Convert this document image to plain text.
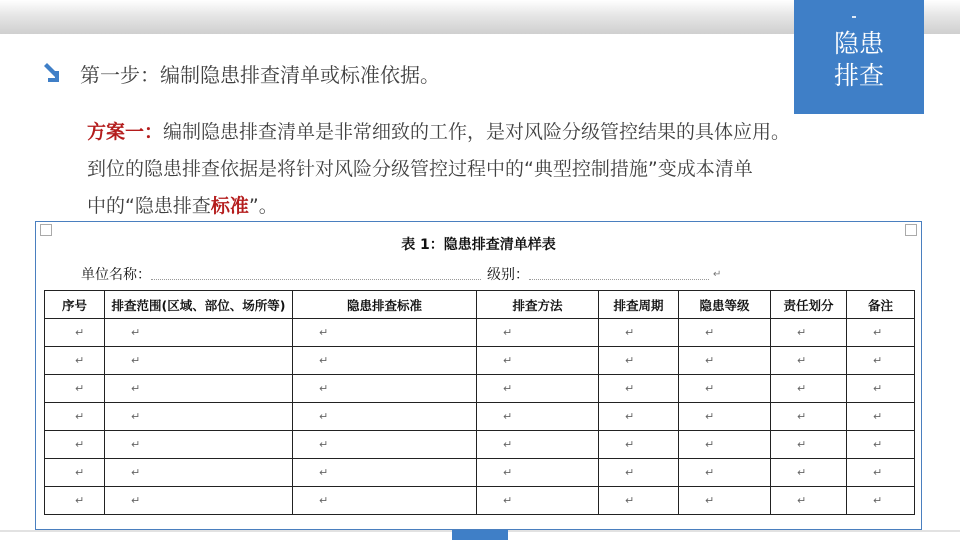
隐患
排查
第一步：编制隐患排查清单或标准依据。
方案一：编制隐患排查清单是非常细致的工作，是对风险分级管控结果的具体应用。
到位的隐患排查依据是将针对风险分级管控过程中的“典型控制措施”变成本清单
中的“隐患排查标准”。
表 1：隐患排查清单样表
单位名称：	级别：	↵
序号	排查范围(区域、部位、场所等)	隐患排查标准	排查方法	排查周期	隐患等级	责任划分	备注
↵	↵	↵	↵	↵	↵	↵	↵
↵	↵	↵	↵	↵	↵	↵	↵
↵	↵	↵	↵	↵	↵	↵	↵
↵	↵	↵	↵	↵	↵	↵	↵
↵	↵	↵	↵	↵	↵	↵	↵
↵	↵	↵	↵	↵	↵	↵	↵
↵	↵	↵	↵	↵	↵	↵	↵
